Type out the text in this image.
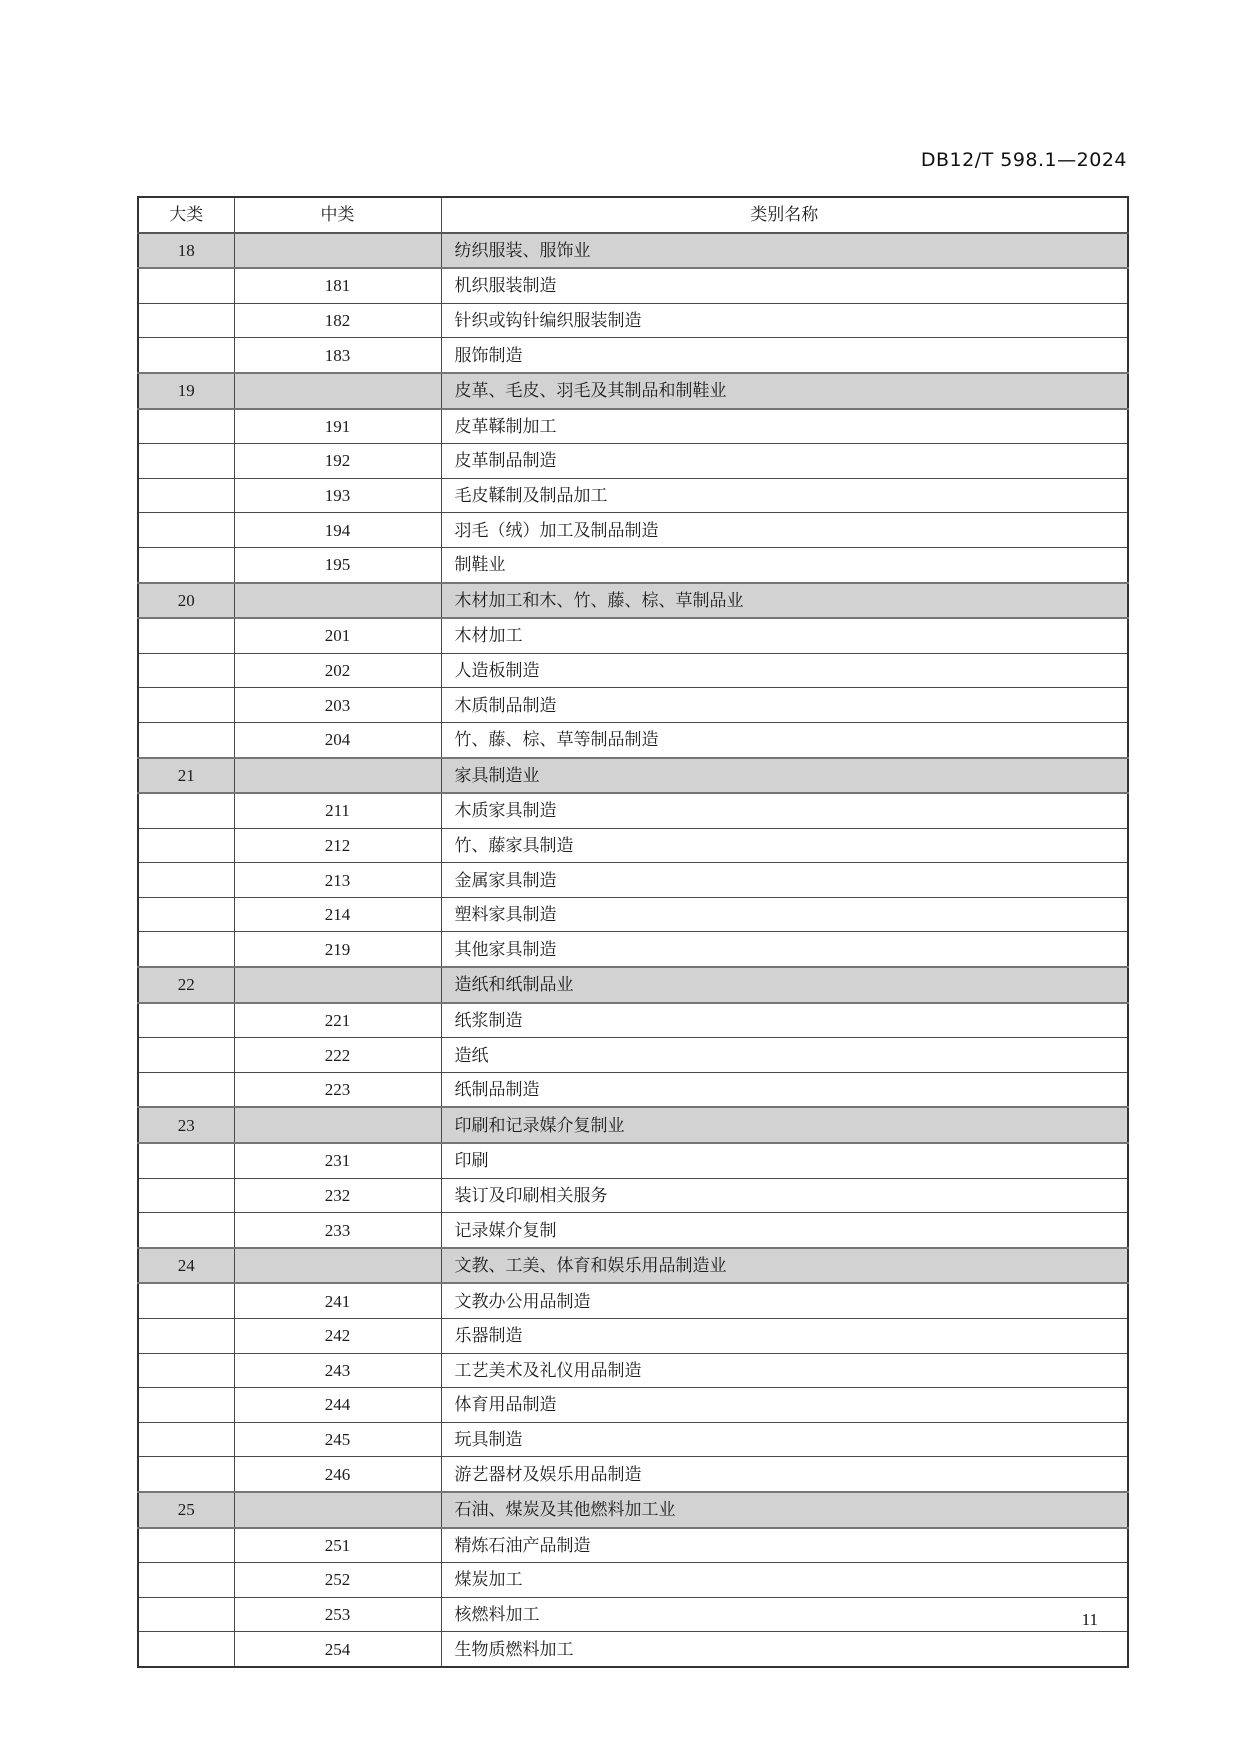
DB12/T 598.1—2024
大类	中类	类别名称
18		纺织服装、服饰业
	181	机织服装制造
	182	针织或钩针编织服装制造
	183	服饰制造
19		皮革、毛皮、羽毛及其制品和制鞋业
	191	皮革鞣制加工
	192	皮革制品制造
	193	毛皮鞣制及制品加工
	194	羽毛（绒）加工及制品制造
	195	制鞋业
20		木材加工和木、竹、藤、棕、草制品业
	201	木材加工
	202	人造板制造
	203	木质制品制造
	204	竹、藤、棕、草等制品制造
21		家具制造业
	211	木质家具制造
	212	竹、藤家具制造
	213	金属家具制造
	214	塑料家具制造
	219	其他家具制造
22		造纸和纸制品业
	221	纸浆制造
	222	造纸
	223	纸制品制造
23		印刷和记录媒介复制业
	231	印刷
	232	装订及印刷相关服务
	233	记录媒介复制
24		文教、工美、体育和娱乐用品制造业
	241	文教办公用品制造
	242	乐器制造
	243	工艺美术及礼仪用品制造
	244	体育用品制造
	245	玩具制造
	246	游艺器材及娱乐用品制造
25		石油、煤炭及其他燃料加工业
	251	精炼石油产品制造
	252	煤炭加工
	253	核燃料加工
	254	生物质燃料加工
11
